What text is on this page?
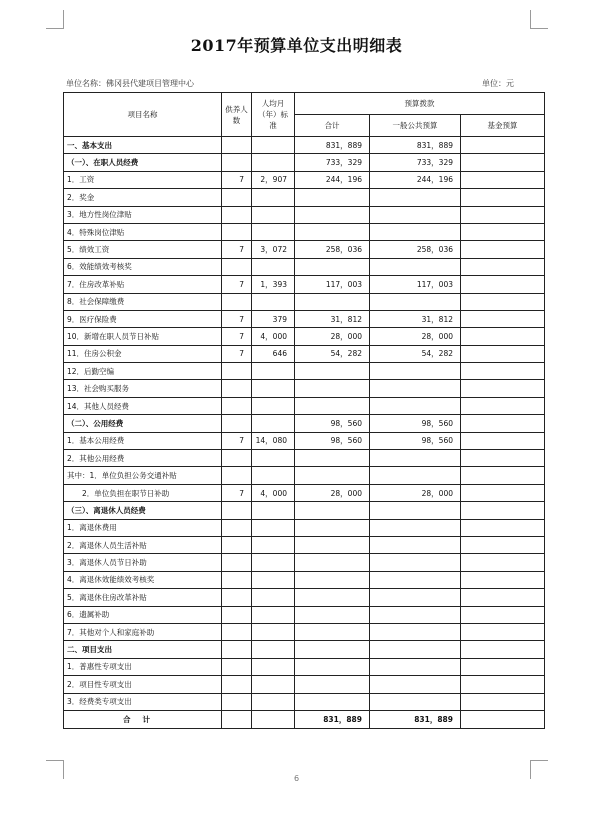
2017年预算单位支出明细表
单位名称：佛冈县代建项目管理中心	单位：元
项目名称	供养人数	人均月（年）标准	预算拨款		
			合计	一般公共预算	基金预算
一、基本支出			831，889	831，889	
（一）、在职人员经费			733，329	733，329	
1．工资	7	2，907	244，196	244，196	
2．奖金					
3．地方性岗位津贴					
4．特殊岗位津贴					
5．绩效工资	7	3，072	258，036	258，036	
6．效能绩效考核奖					
7．住房改革补贴	7	1，393	117，003	117，003	
8．社会保障缴费					
9．医疗保险费	7	379	31，812	31，812	
10．新增在职人员节日补贴	7	4，000	28，000	28，000	
11．住房公积金	7	646	54，282	54，282	
12．后勤空编					
13．社会购买服务					
14．其他人员经费					
（二）、公用经费			98，560	98，560	
1．基本公用经费	7	14，080	98，560	98，560	
2．其他公用经费					
其中：1．单位负担公务交通补贴					
　　2．单位负担在职节日补助	7	4，000	28，000	28，000	
（三）、离退休人员经费					
1．离退休费用					
2．离退休人员生活补贴					
3．离退休人员节日补助					
4．离退休效能绩效考核奖					
5．离退休住房改革补贴					
6．遗属补助					
7．其他对个人和家庭补助					
二、项目支出					
1．普惠性专项支出					
2．项目性专项支出					
3．经费类专项支出					
合计			831，889	831，889	
6
